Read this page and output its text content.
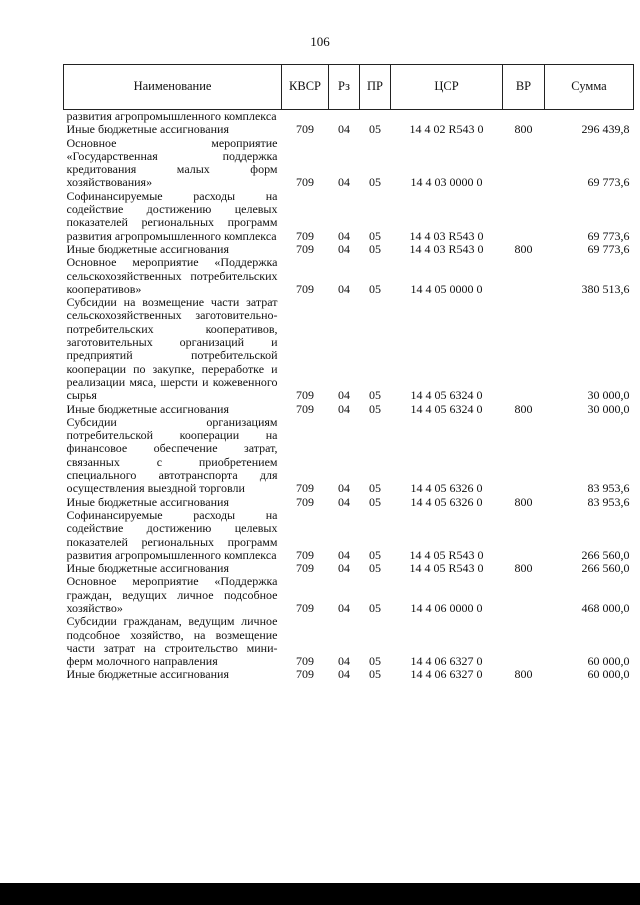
106
Наименование	КВСР	Рз	ПР	ЦСР	ВР	Сумма
развития агропромышленного комплекса						
Иные бюджетные ассигнования	709	04	05	14 4 02 R543 0	800	296 439,8
Основное мероприятие «Государственная поддержка кредитования малых форм хозяйствования»	709	04	05	14 4 03 0000 0		69 773,6
Софинансируемые расходы на содействие достижению целевых показателей региональных программ развития агропромышленного комплекса	709	04	05	14 4 03 R543 0		69 773,6
Иные бюджетные ассигнования	709	04	05	14 4 03 R543 0	800	69 773,6
Основное мероприятие «Поддержка сельскохозяйственных потребительских кооперативов»	709	04	05	14 4 05 0000 0		380 513,6
Субсидии на возмещение части затрат сельскохозяйственных заготовительно-потребительских кооперативов, заготовительных организаций и предприятий потребительской кооперации по закупке, переработке и реализации мяса, шерсти и кожевенного сырья	709	04	05	14 4 05 6324 0		30 000,0
Иные бюджетные ассигнования	709	04	05	14 4 05 6324 0	800	30 000,0
Субсидии организациям потребительской кооперации на финансовое обеспечение затрат, связанных с приобретением специального автотранспорта для осуществления выездной торговли	709	04	05	14 4 05 6326 0		83 953,6
Иные бюджетные ассигнования	709	04	05	14 4 05 6326 0	800	83 953,6
Софинансируемые расходы на содействие достижению целевых показателей региональных программ развития агропромышленного комплекса	709	04	05	14 4 05 R543 0		266 560,0
Иные бюджетные ассигнования	709	04	05	14 4 05 R543 0	800	266 560,0
Основное мероприятие «Поддержка граждан, ведущих личное подсобное хозяйство»	709	04	05	14 4 06 0000 0		468 000,0
Субсидии гражданам, ведущим личное подсобное хозяйство, на возмещение части затрат на строительство мини-ферм молочного направления	709	04	05	14 4 06 6327 0		60 000,0
Иные бюджетные ассигнования	709	04	05	14 4 06 6327 0	800	60 000,0
